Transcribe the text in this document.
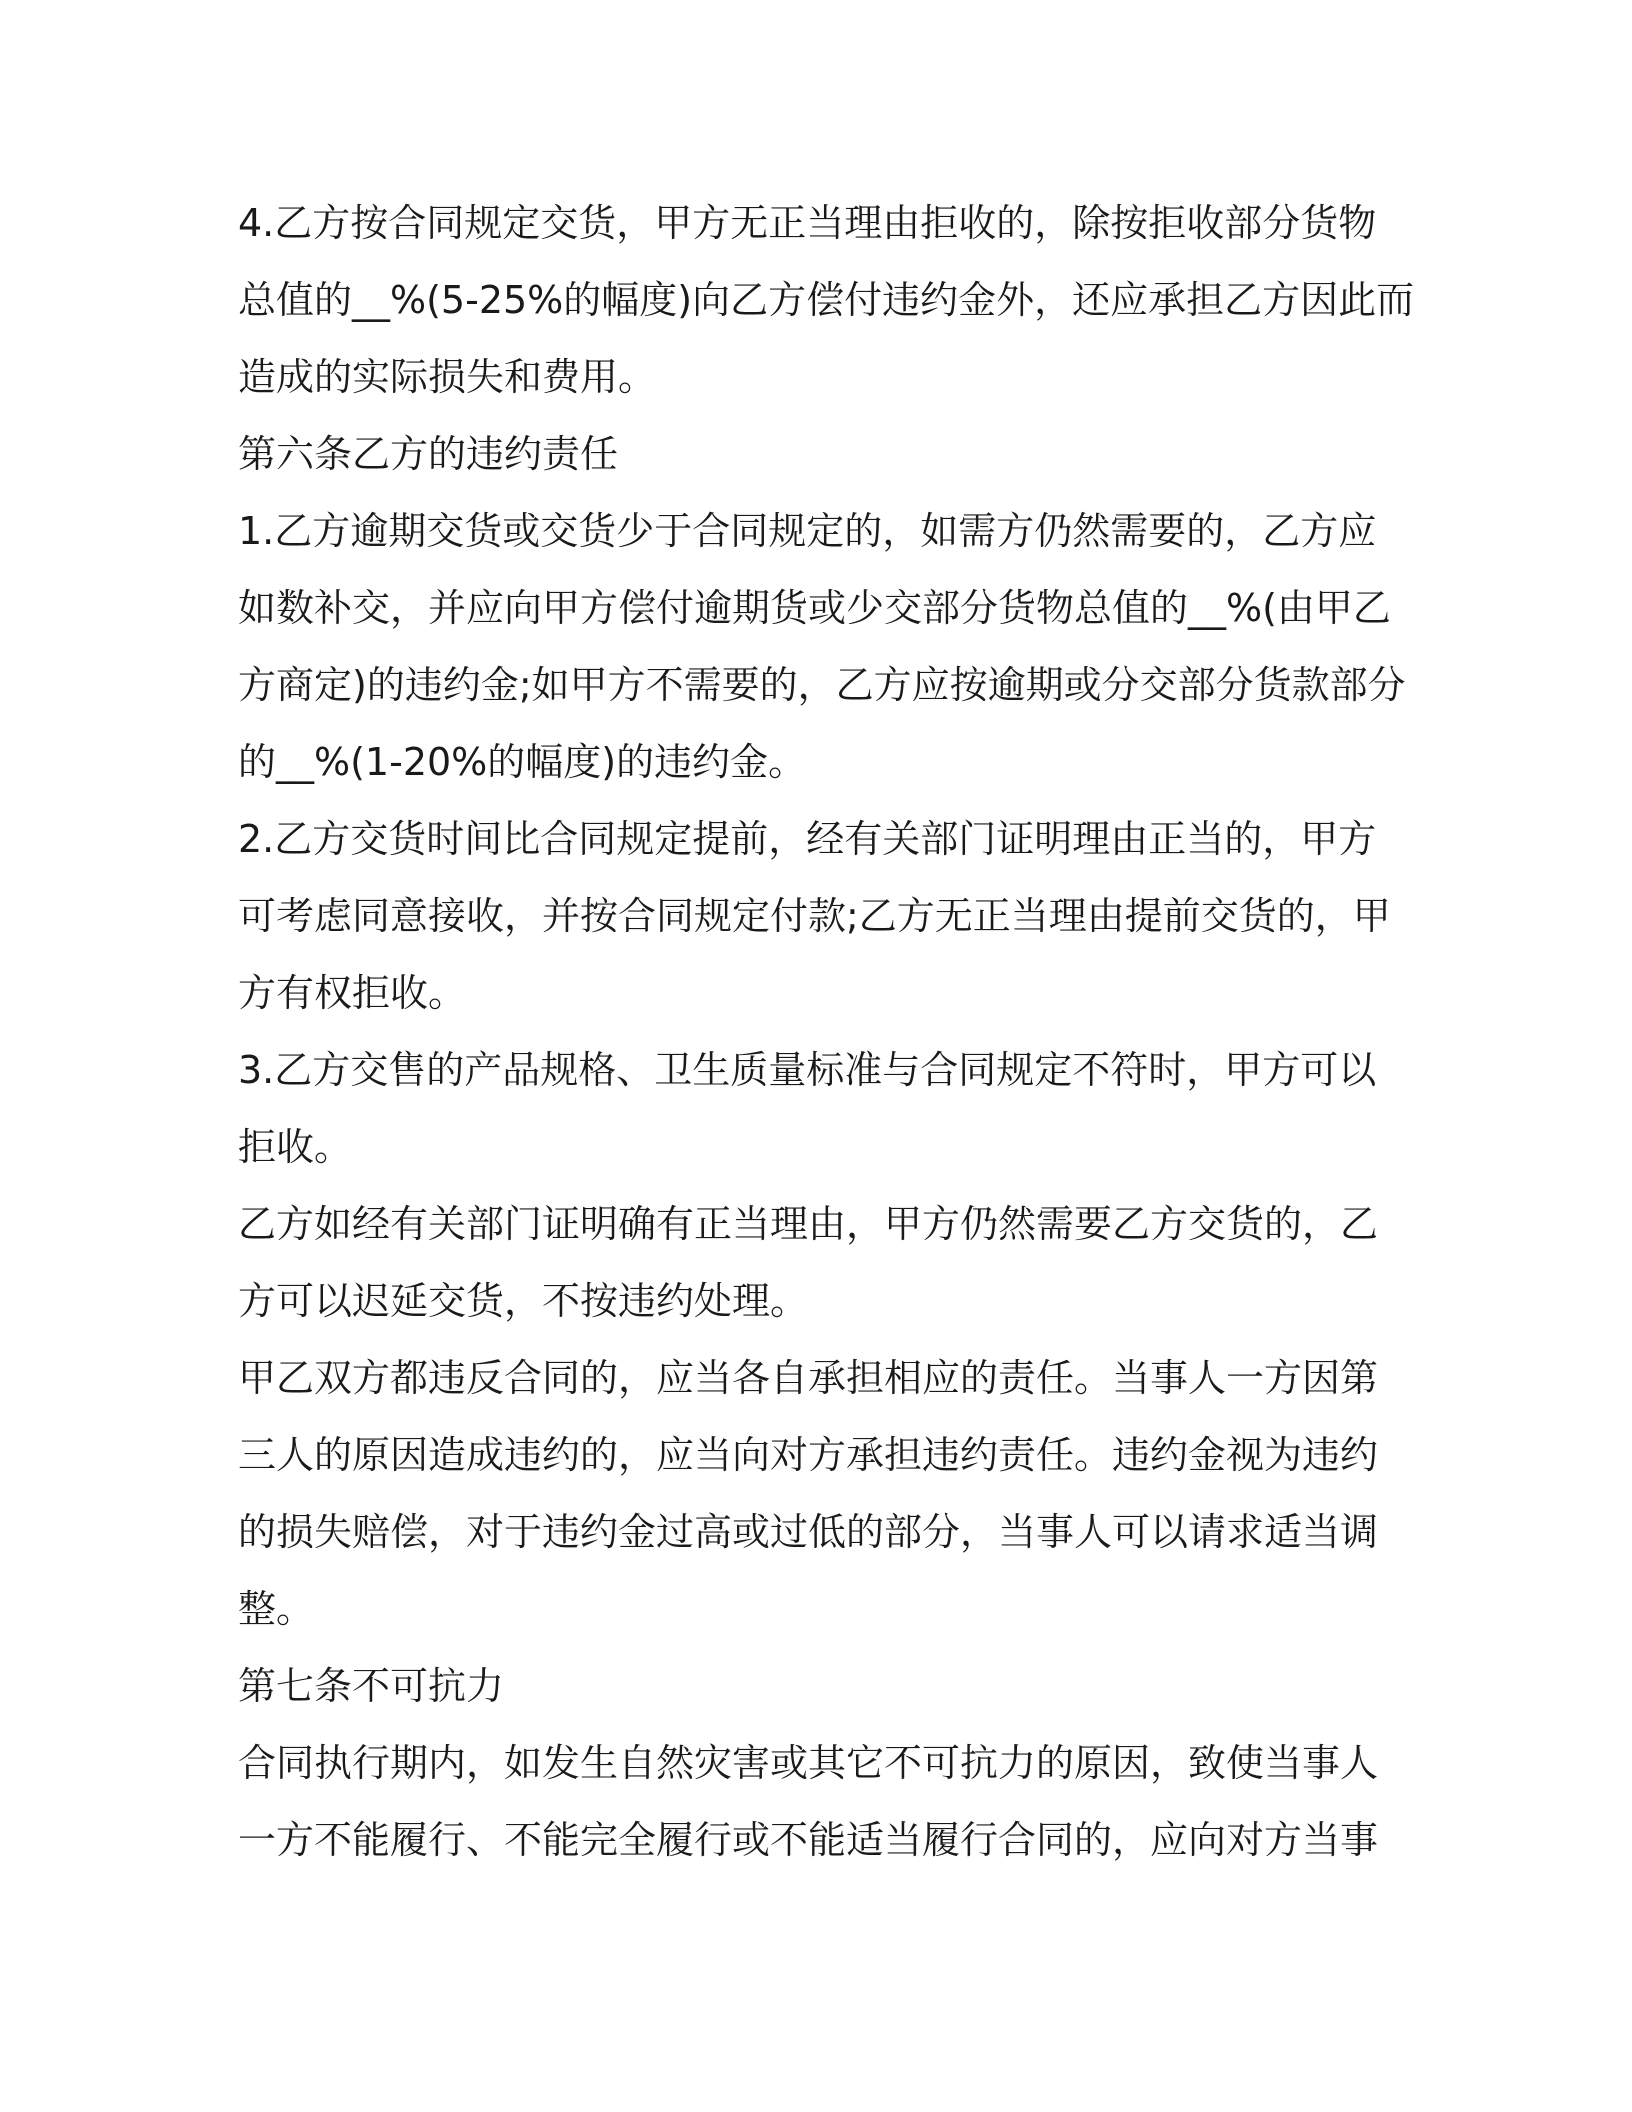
4.乙方按合同规定交货，甲方无正当理由拒收的，除按拒收部分货物
总值的__%(5-25%的幅度)向乙方偿付违约金外，还应承担乙方因此而
造成的实际损失和费用。

第六条乙方的违约责任

1.乙方逾期交货或交货少于合同规定的，如需方仍然需要的，乙方应
如数补交，并应向甲方偿付逾期货或少交部分货物总值的__%(由甲乙
方商定)的违约金;如甲方不需要的，乙方应按逾期或分交部分货款部分
的__%(1-20%的幅度)的违约金。

2.乙方交货时间比合同规定提前，经有关部门证明理由正当的，甲方
可考虑同意接收，并按合同规定付款;乙方无正当理由提前交货的，甲
方有权拒收。

3.乙方交售的产品规格、卫生质量标准与合同规定不符时，甲方可以
拒收。

乙方如经有关部门证明确有正当理由，甲方仍然需要乙方交货的，乙
方可以迟延交货，不按违约处理。

甲乙双方都违反合同的，应当各自承担相应的责任。当事人一方因第
三人的原因造成违约的，应当向对方承担违约责任。违约金视为违约
的损失赔偿，对于违约金过高或过低的部分，当事人可以请求适当调
整。

第七条不可抗力

合同执行期内，如发生自然灾害或其它不可抗力的原因，致使当事人
一方不能履行、不能完全履行或不能适当履行合同的，应向对方当事
